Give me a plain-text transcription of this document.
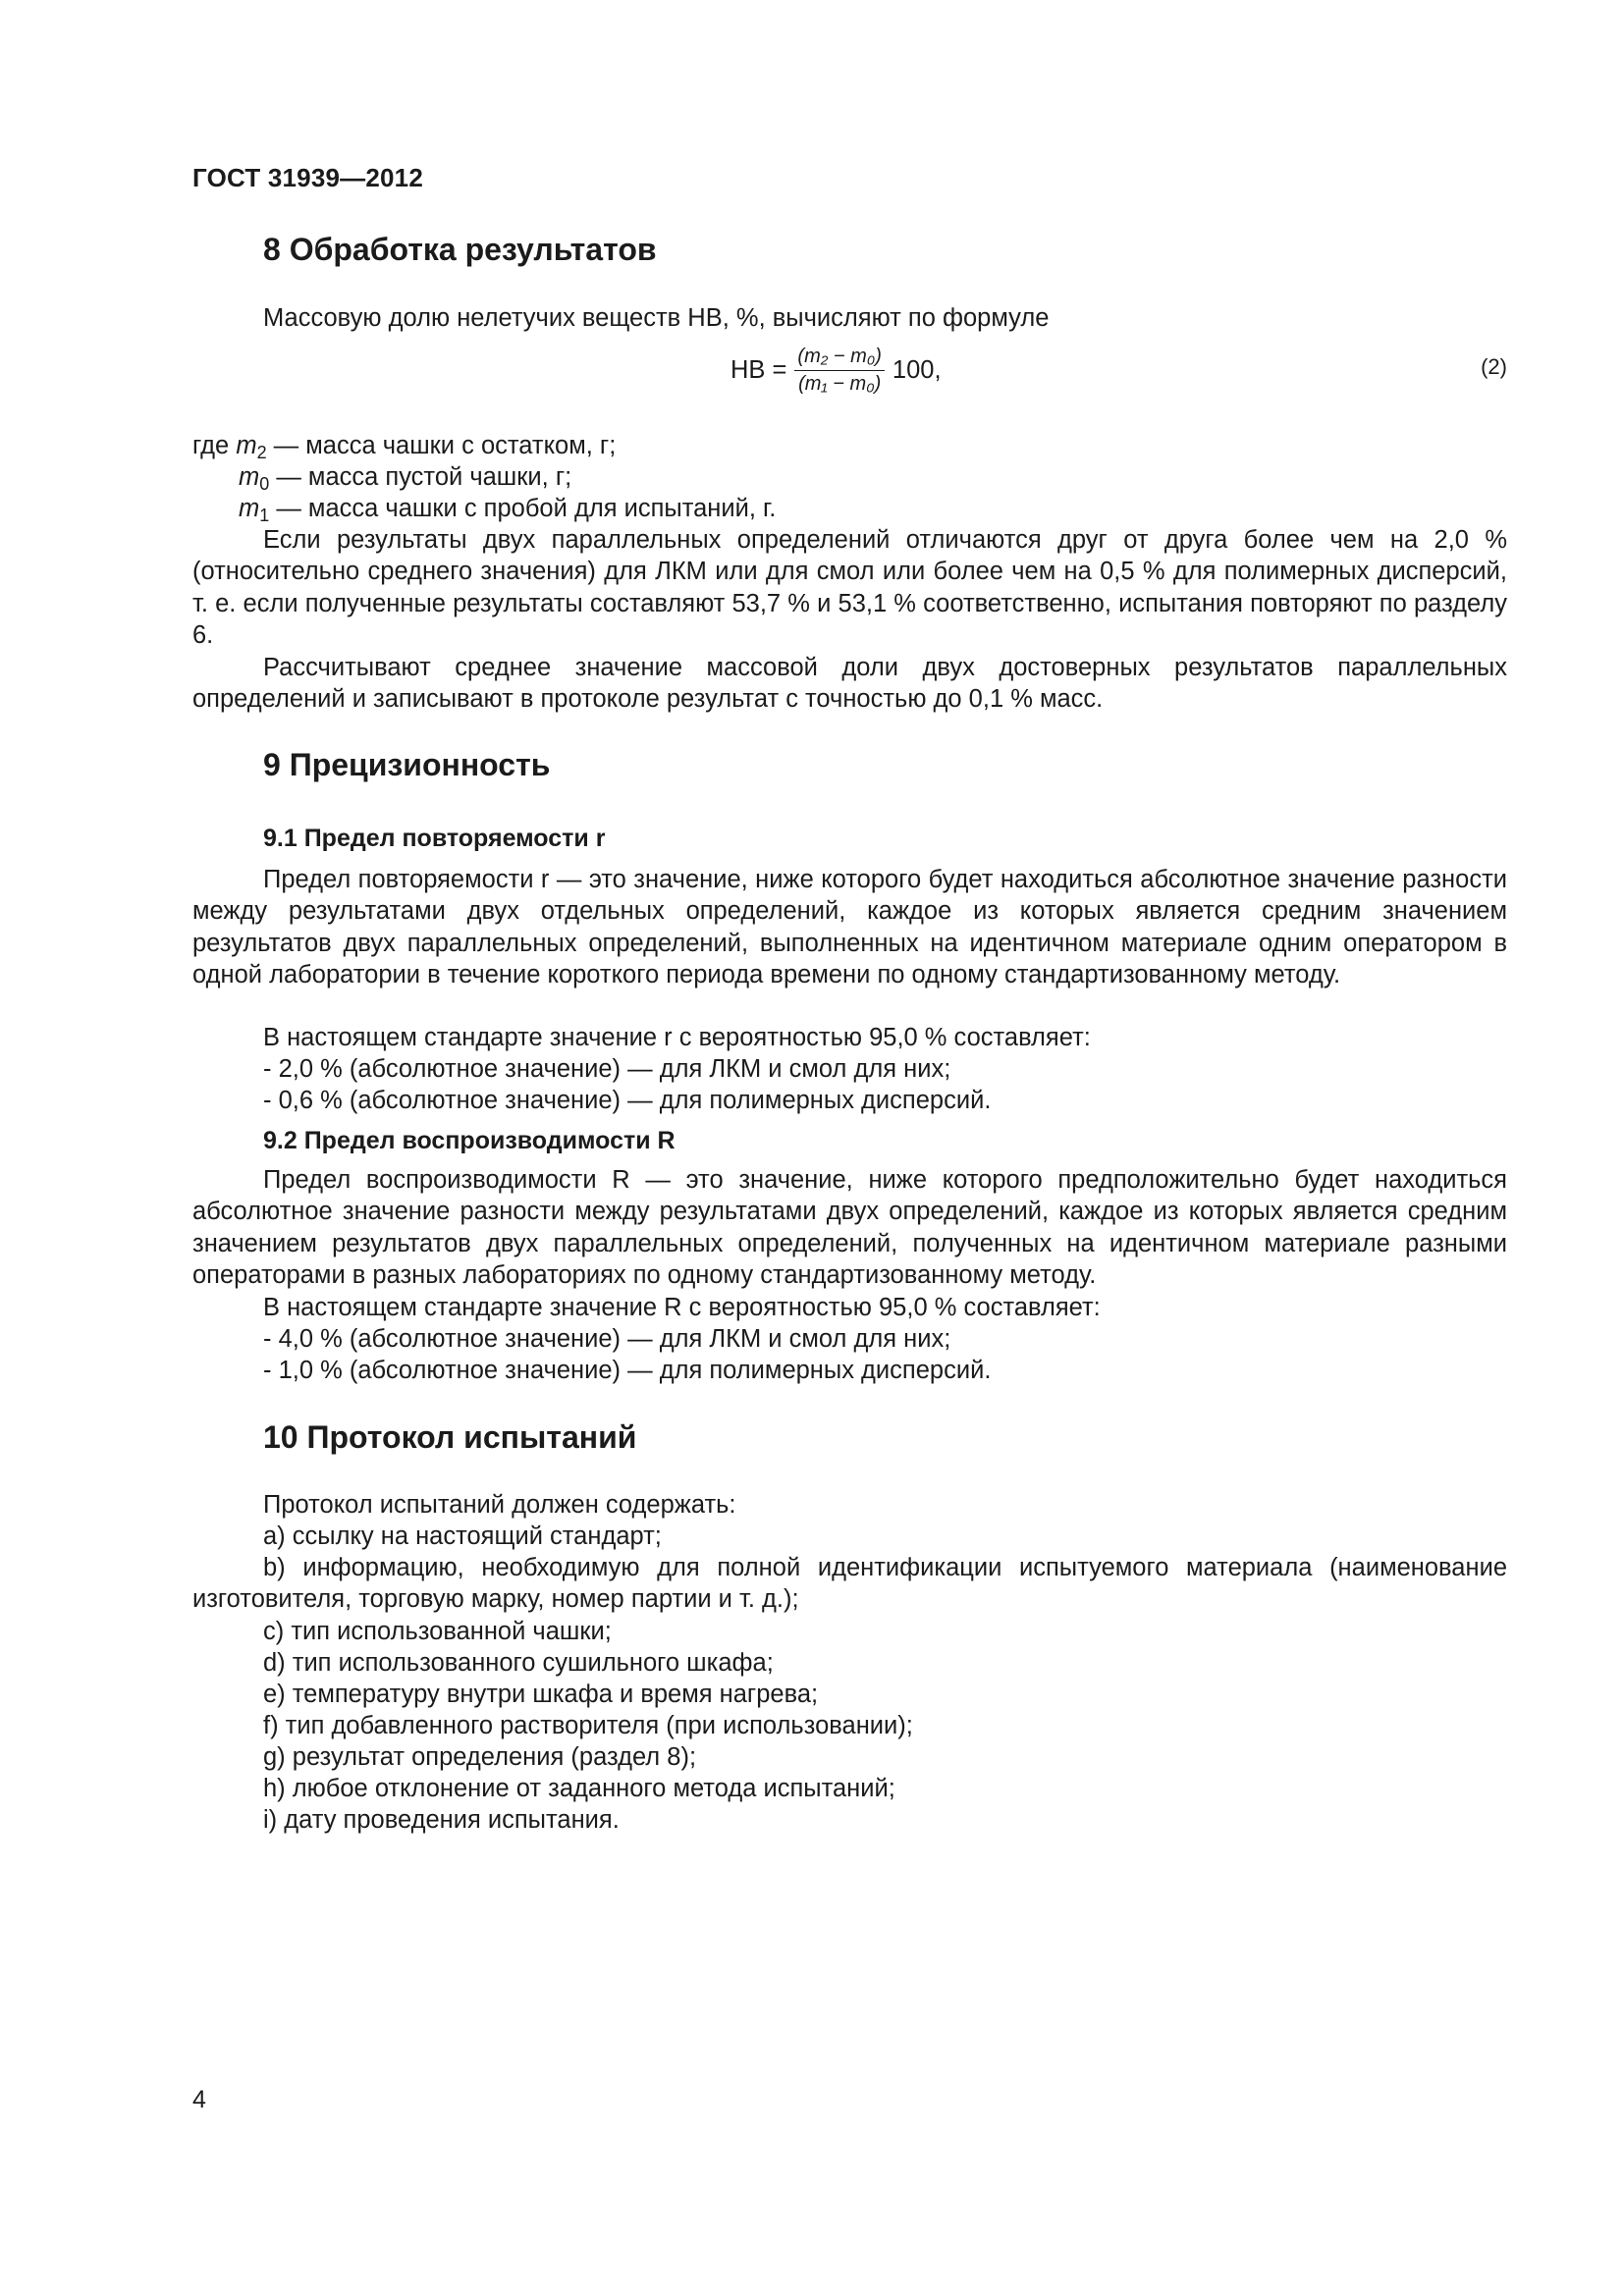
ГОСТ 31939—2012
8 Обработка результатов
Массовую долю нелетучих веществ НВ, %, вычисляют по формуле
НВ = $\frac{\text{(m₂ − m₀)}}{\text{(m₁ − m₀)}} 100$,	(2)
где $m_2$ — масса чашки с остатком, г;
$m_0$ — масса пустой чашки, г;
$m_1$ — масса чашки с пробой для испытаний, г.

Если результаты двух параллельных определений отличаются друг от друга более чем на 2,0 % (относительно среднего значения) для ЛКМ или для смол или более чем на 0,5 % для полимерных дисперсий, т. е. если полученные результаты составляют 53,7 % и 53,1 % соответственно, испытания повторяют по разделу 6.

Рассчитывают среднее значение массовой доли двух достоверных результатов параллельных определений и записывают в протоколе результат с точностью до 0,1 % масс.

9 Прецизионность
9.1 Предел повторяемости r

Предел повторяемости r — это значение, ниже которого будет находиться абсолютное значение разности между результатами двух отдельных определений, каждое из которых является средним значением результатов двух параллельных определений, выполненных на идентичном материале одним оператором в одной лаборатории в течение короткого периода времени по одному стандартизованному методу.

В настоящем стандарте значение r с вероятностью 95,0 % составляет:
- 2,0 % (абсолютное значение) — для ЛКМ и смол для них;
- 0,6 % (абсолютное значение) — для полимерных дисперсий.
9.2 Предел воспроизводимости R

Предел воспроизводимости R — это значение, ниже которого предположительно будет находиться абсолютное значение разности между результатами двух определений, каждое из которых является средним значением результатов двух параллельных определений, полученных на идентичном материале разными операторами в разных лабораториях по одному стандартизованному методу.

В настоящем стандарте значение R с вероятностью 95,0 % составляет:
- 4,0 % (абсолютное значение) — для ЛКМ и смол для них;
- 1,0 % (абсолютное значение) — для полимерных дисперсий.
10 Протокол испытаний
Протокол испытаний должен содержать:
a) ссылку на настоящий стандарт;

b) информацию, необходимую для полной идентификации испытуемого материала (наименование изготовителя, торговую марку, номер партии и т. д.);

c) тип использованной чашки;
d) тип использованного сушильного шкафа;
e) температуру внутри шкафа и время нагрева;
f) тип добавленного растворителя (при использовании);
g) результат определения (раздел 8);
h) любое отклонение от заданного метода испытаний;
i) дату проведения испытания.
4
